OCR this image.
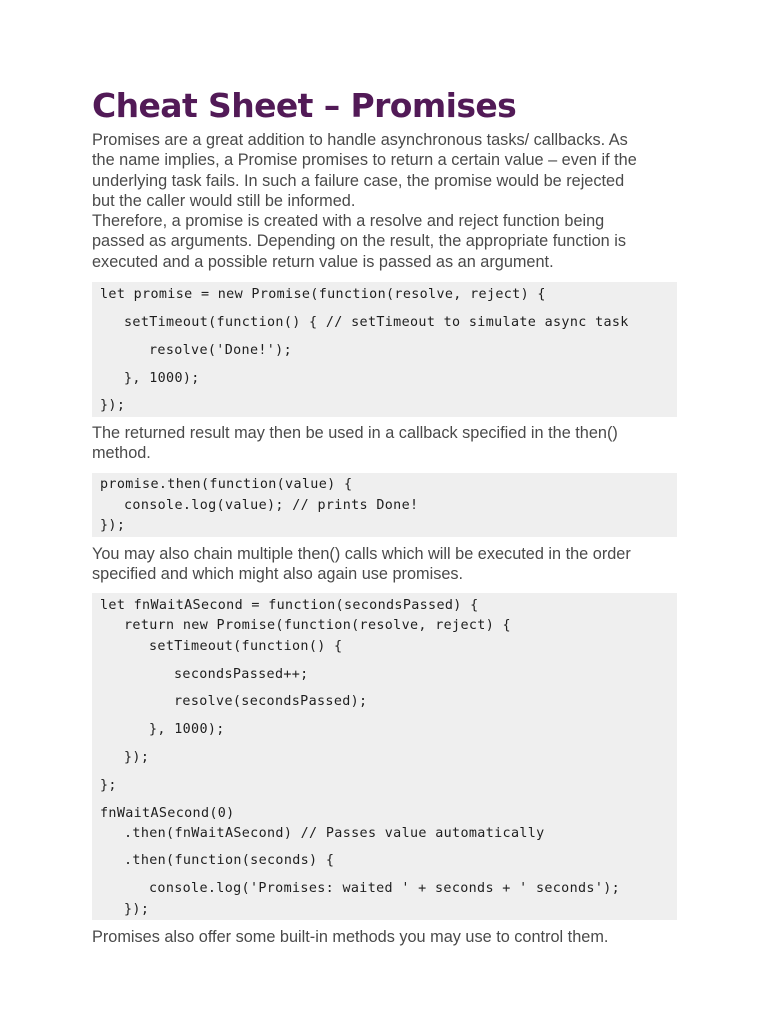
Cheat Sheet – Promises
Promises are a great addition to handle asynchronous tasks/ callbacks. As
the name implies, a Promise promises to return a certain value – even if the
underlying task fails. In such a failure case, the promise would be rejected
but the caller would still be informed.
Therefore, a promise is created with a resolve and reject function being
passed as arguments. Depending on the result, the appropriate function is
executed and a possible return value is passed as an argument.
let promise = new Promise(function(resolve, reject) {
setTimeout(function() { // setTimeout to simulate async task
resolve('Done!');
}, 1000);
});
The returned result may then be used in a callback specified in the then()
method.
promise.then(function(value) {
console.log(value); // prints Done!
});
You may also chain multiple then() calls which will be executed in the order
specified and which might also again use promises.
let fnWaitASecond = function(secondsPassed) {
return new Promise(function(resolve, reject) {
setTimeout(function() {
secondsPassed++;
resolve(secondsPassed);
}, 1000);
});
};
fnWaitASecond(0)
.then(fnWaitASecond) // Passes value automatically
.then(function(seconds) {
console.log('Promises: waited ' + seconds + ' seconds');
});
Promises also offer some built-in methods you may use to control them.
